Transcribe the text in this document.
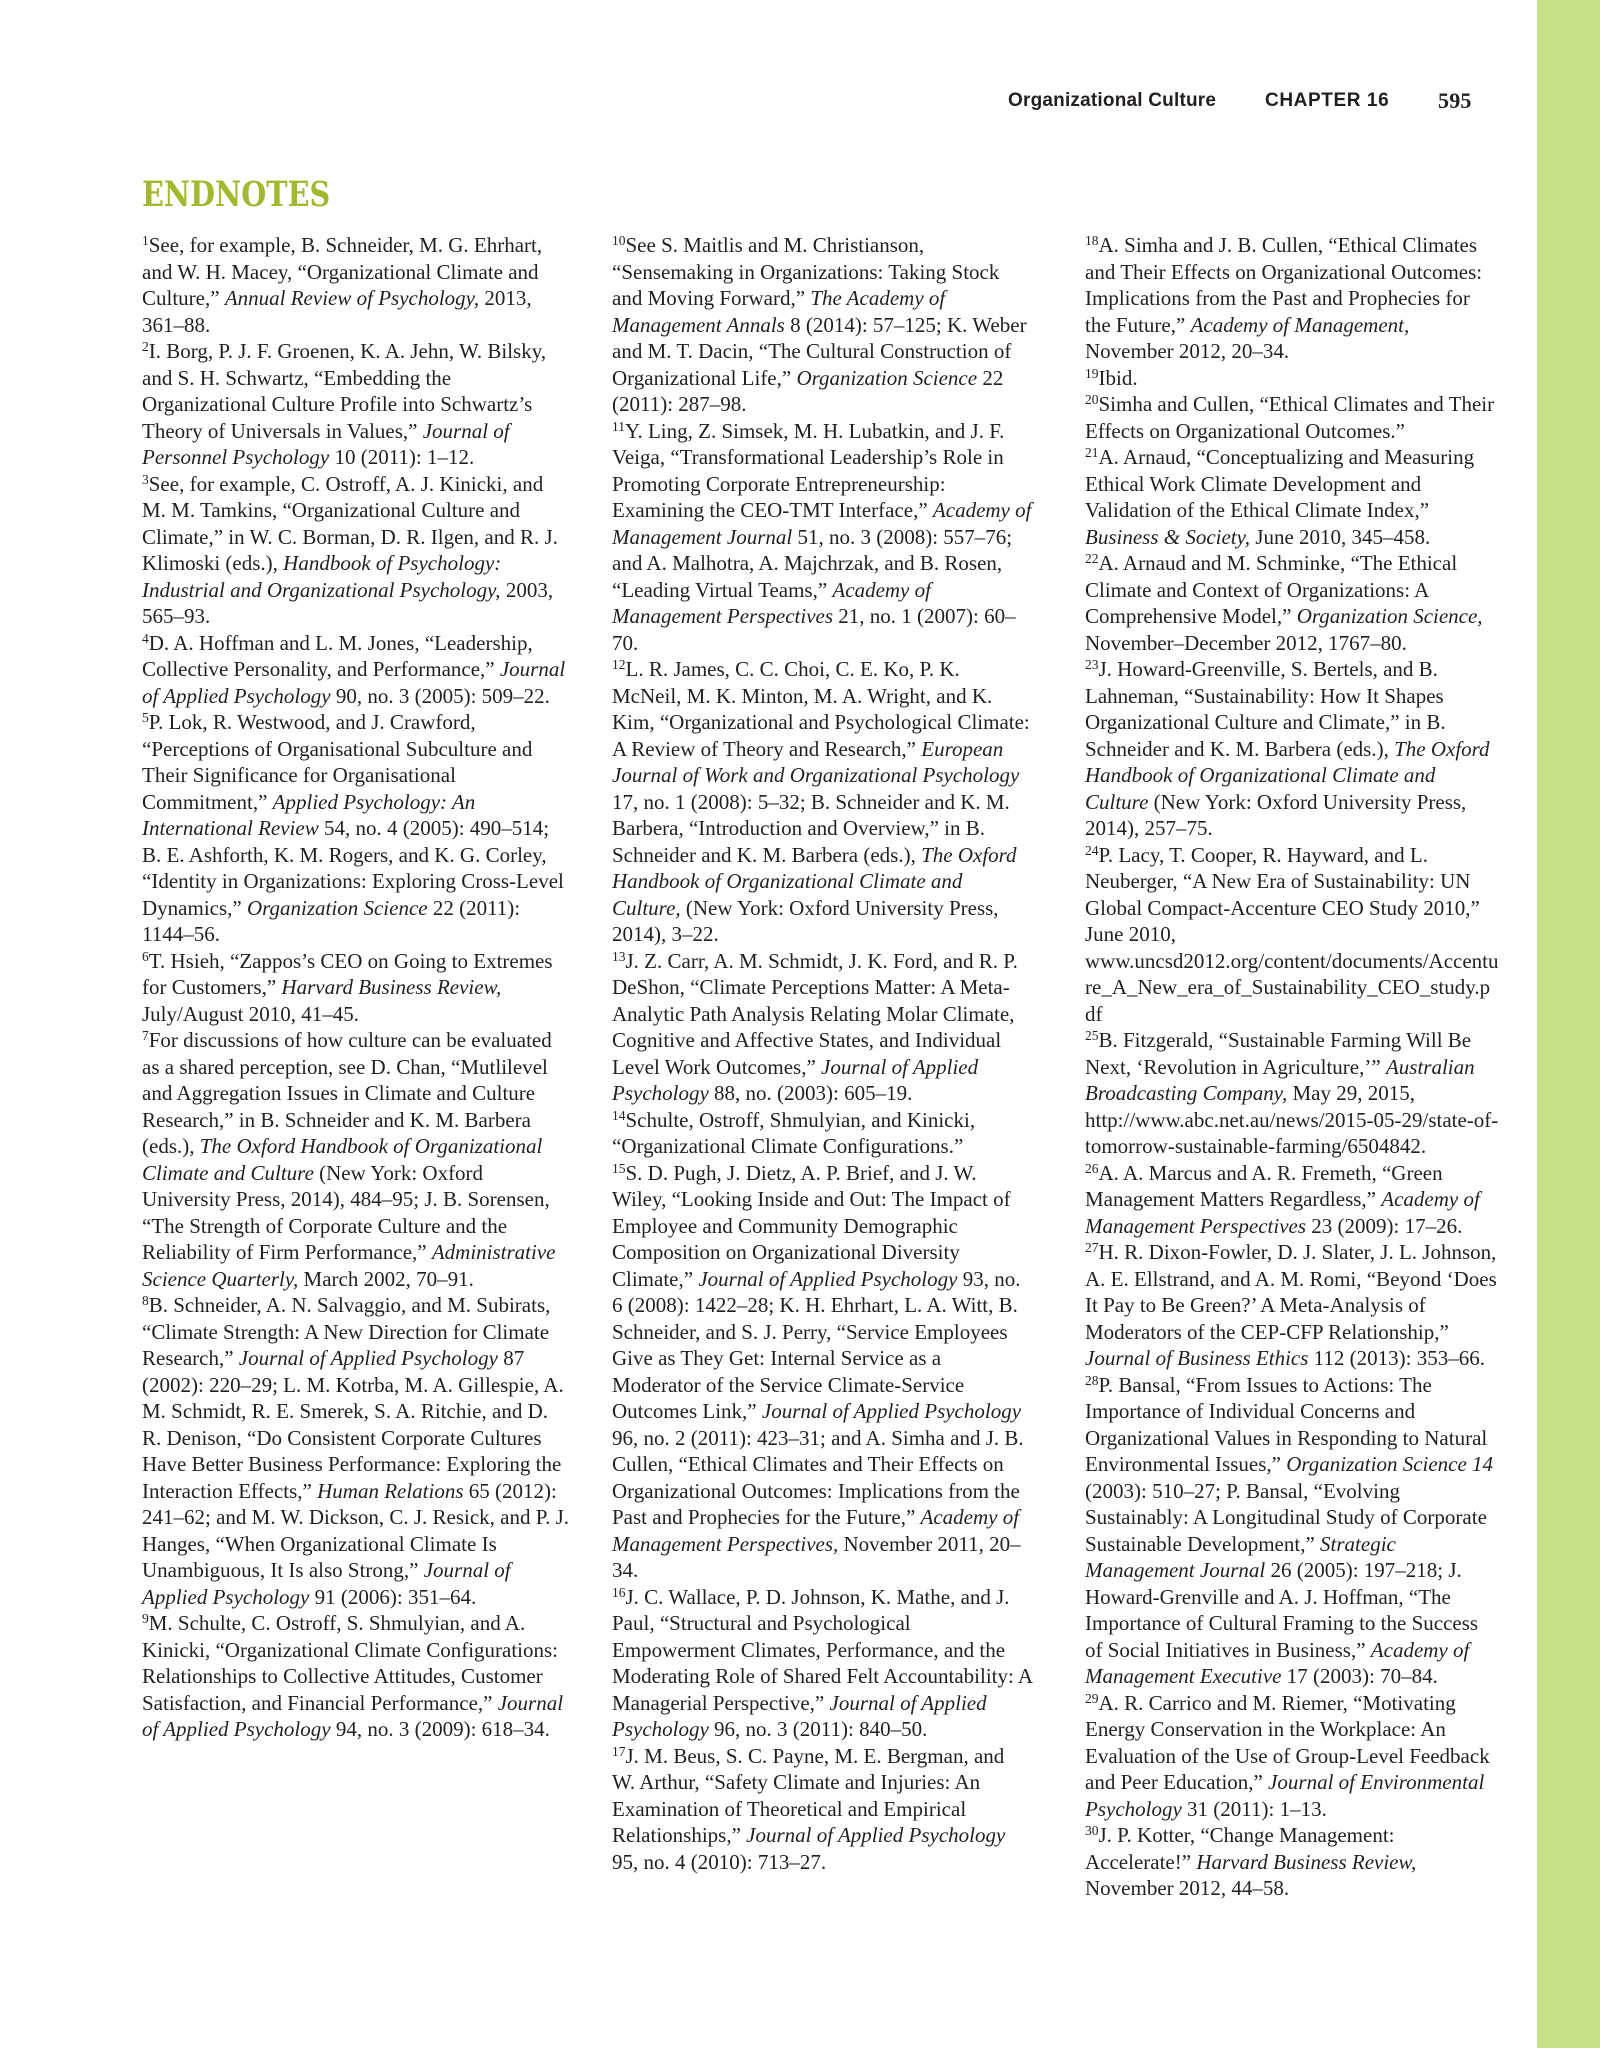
Organizational Culture	CHAPTER 16 595
ENDNOTES

$^1$See, for example, B. Schneider, M. G. Ehrhart, and W. H. Macey, “Organizational Climate and Culture,” Annual Review of Psychology, 2013, 361–88.

$^2$I. Borg, P. J. F. Groenen, K. A. Jehn, W. Bilsky, and S. H. Schwartz, “Embedding the Organizational Culture Profile into Schwartz’s Theory of Universals in Values,” Journal of Personnel Psychology 10 (2011): 1–12.

$^3$See, for example, C. Ostroff, A. J. Kinicki, and M. M. Tamkins, “Organizational Culture and Climate,” in W. C. Borman, D. R. Ilgen, and R. J. Klimoski (eds.), Handbook of Psychology: Industrial and Organizational Psychology, 2003, 565–93.

$^4$D. A. Hoffman and L. M. Jones, “Leadership, Collective Personality, and Performance,” Journal of Applied Psychology 90, no. 3 (2005): 509–22.

$^5$P. Lok, R. Westwood, and J. Crawford, “Perceptions of Organisational Subculture and Their Significance for Organisational Commitment,” Applied Psychology: An International Review 54, no. 4 (2005): 490–514; B. E. Ashforth, K. M. Rogers, and K. G. Corley, “Identity in Organizations: Exploring Cross-Level Dynamics,” Organization Science 22 (2011): 1144–56.

$^6$T. Hsieh, “Zappos’s CEO on Going to Extremes for Customers,” Harvard Business Review, July/August 2010, 41–45.

$^7$For discussions of how culture can be evaluated as a shared perception, see D. Chan, “Mutlilevel and Aggregation Issues in Climate and Culture Research,” in B. Schneider and K. M. Barbera (eds.), The Oxford Handbook of Organizational Climate and Culture (New York: Oxford University Press, 2014), 484–95; J. B. Sorensen, “The Strength of Corporate Culture and the Reliability of Firm Performance,” Administrative Science Quarterly, March 2002, 70–91.

$^8$B. Schneider, A. N. Salvaggio, and M. Subirats, “Climate Strength: A New Direction for Climate Research,” Journal of Applied Psychology 87 (2002): 220–29; L. M. Kotrba, M. A. Gillespie, A. M. Schmidt, R. E. Smerek, S. A. Ritchie, and D. R. Denison, “Do Consistent Corporate Cultures Have Better Business Performance: Exploring the Interaction Effects,” Human Relations 65 (2012): 241–62; and M. W. Dickson, C. J. Resick, and P. J. Hanges, “When Organizational Climate Is Unambiguous, It Is also Strong,” Journal of Applied Psychology 91 (2006): 351–64.

$^9$M. Schulte, C. Ostroff, S. Shmulyian, and A. Kinicki, “Organizational Climate Configurations: Relationships to Collective Attitudes, Customer Satisfaction, and Financial Performance,” Journal of Applied Psychology 94, no. 3 (2009): 618–34.

$^{10}$See S. Maitlis and M. Christianson, “Sensemaking in Organizations: Taking Stock and Moving Forward,” The Academy of Management Annals 8 (2014): 57–125; K. Weber and M. T. Dacin, “The Cultural Construction of Organizational Life,” Organization Science 22 (2011): 287–98.

$^{11}$Y. Ling, Z. Simsek, M. H. Lubatkin, and J. F. Veiga, “Transformational Leadership’s Role in Promoting Corporate Entrepreneurship: Examining the CEO-TMT Interface,” Academy of Management Journal 51, no. 3 (2008): 557–76; and A. Malhotra, A. Majchrzak, and B. Rosen, “Leading Virtual Teams,” Academy of Management Perspectives 21, no. 1 (2007): 60–70.

$^{12}$L. R. James, C. C. Choi, C. E. Ko, P. K. McNeil, M. K. Minton, M. A. Wright, and K. Kim, “Organizational and Psychological Climate: A Review of Theory and Research,” European Journal of Work and Organizational Psychology 17, no. 1 (2008): 5–32; B. Schneider and K. M. Barbera, “Introduction and Overview,” in B. Schneider and K. M. Barbera (eds.), The Oxford Handbook of Organizational Climate and Culture, (New York: Oxford University Press, 2014), 3–22.

$^{13}$J. Z. Carr, A. M. Schmidt, J. K. Ford, and R. P. DeShon, “Climate Perceptions Matter: A Meta-Analytic Path Analysis Relating Molar Climate, Cognitive and Affective States, and Individual Level Work Outcomes,” Journal of Applied Psychology 88, no. (2003): 605–19.

$^{14}$Schulte, Ostroff, Shmulyian, and Kinicki, “Organizational Climate Configurations.”

$^{15}$S. D. Pugh, J. Dietz, A. P. Brief, and J. W. Wiley, “Looking Inside and Out: The Impact of Employee and Community Demographic Composition on Organizational Diversity Climate,” Journal of Applied Psychology 93, no. 6 (2008): 1422–28; K. H. Ehrhart, L. A. Witt, B. Schneider, and S. J. Perry, “Service Employees Give as They Get: Internal Service as a Moderator of the Service Climate-Service Outcomes Link,” Journal of Applied Psychology 96, no. 2 (2011): 423–31; and A. Simha and J. B. Cullen, “Ethical Climates and Their Effects on Organizational Outcomes: Implications from the Past and Prophecies for the Future,” Academy of Management Perspectives, November 2011, 20–34.

$^{16}$J. C. Wallace, P. D. Johnson, K. Mathe, and J. Paul, “Structural and Psychological Empowerment Climates, Performance, and the Moderating Role of Shared Felt Accountability: A Managerial Perspective,” Journal of Applied Psychology 96, no. 3 (2011): 840–50.

$^{17}$J. M. Beus, S. C. Payne, M. E. Bergman, and W. Arthur, “Safety Climate and Injuries: An Examination of Theoretical and Empirical Relationships,” Journal of Applied Psychology 95, no. 4 (2010): 713–27.

$^{18}$A. Simha and J. B. Cullen, “Ethical Climates and Their Effects on Organizational Outcomes: Implications from the Past and Prophecies for the Future,” Academy of Management, November 2012, 20–34.

$^{19}$Ibid.

$^{20}$Simha and Cullen, “Ethical Climates and Their Effects on Organizational Outcomes.”

$^{21}$A. Arnaud, “Conceptualizing and Measuring Ethical Work Climate Development and Validation of the Ethical Climate Index,” Business & Society, June 2010, 345–458.

$^{22}$A. Arnaud and M. Schminke, “The Ethical Climate and Context of Organizations: A Comprehensive Model,” Organization Science, November–December 2012, 1767–80.

$^{23}$J. Howard-Greenville, S. Bertels, and B. Lahneman, “Sustainability: How It Shapes Organizational Culture and Climate,” in B. Schneider and K. M. Barbera (eds.), The Oxford Handbook of Organizational Climate and Culture (New York: Oxford University Press, 2014), 257–75.

$^{24}$P. Lacy, T. Cooper, R. Hayward, and L. Neuberger, “A New Era of Sustainability: UN Global Compact-Accenture CEO Study 2010,” June 2010, www.uncsd2012.org/content/documents/Accenture_A_New_era_of_Sustainability_CEO_study.pdf

$^{25}$B. Fitzgerald, “Sustainable Farming Will Be Next, ‘Revolution in Agriculture,’” Australian Broadcasting Company, May 29, 2015, http://www.abc.net.au/news/2015-05-29/state-of-tomorrow-sustainable-farming/6504842.

$^{26}$A. A. Marcus and A. R. Fremeth, “Green Management Matters Regardless,” Academy of Management Perspectives 23 (2009): 17–26.

$^{27}$H. R. Dixon-Fowler, D. J. Slater, J. L. Johnson, A. E. Ellstrand, and A. M. Romi, “Beyond ‘Does It Pay to Be Green?’ A Meta-Analysis of Moderators of the CEP-CFP Relationship,” Journal of Business Ethics 112 (2013): 353–66.

$^{28}$P. Bansal, “From Issues to Actions: The Importance of Individual Concerns and Organizational Values in Responding to Natural Environmental Issues,” Organization Science 14 (2003): 510–27; P. Bansal, “Evolving Sustainably: A Longitudinal Study of Corporate Sustainable Development,” Strategic Management Journal 26 (2005): 197–218; J. Howard-Grenville and A. J. Hoffman, “The Importance of Cultural Framing to the Success of Social Initiatives in Business,” Academy of Management Executive 17 (2003): 70–84.

$^{29}$A. R. Carrico and M. Riemer, “Motivating Energy Conservation in the Workplace: An Evaluation of the Use of Group-Level Feedback and Peer Education,” Journal of Environmental Psychology 31 (2011): 1–13.

$^{30}$J. P. Kotter, “Change Management: Accelerate!” Harvard Business Review, November 2012, 44–58.
